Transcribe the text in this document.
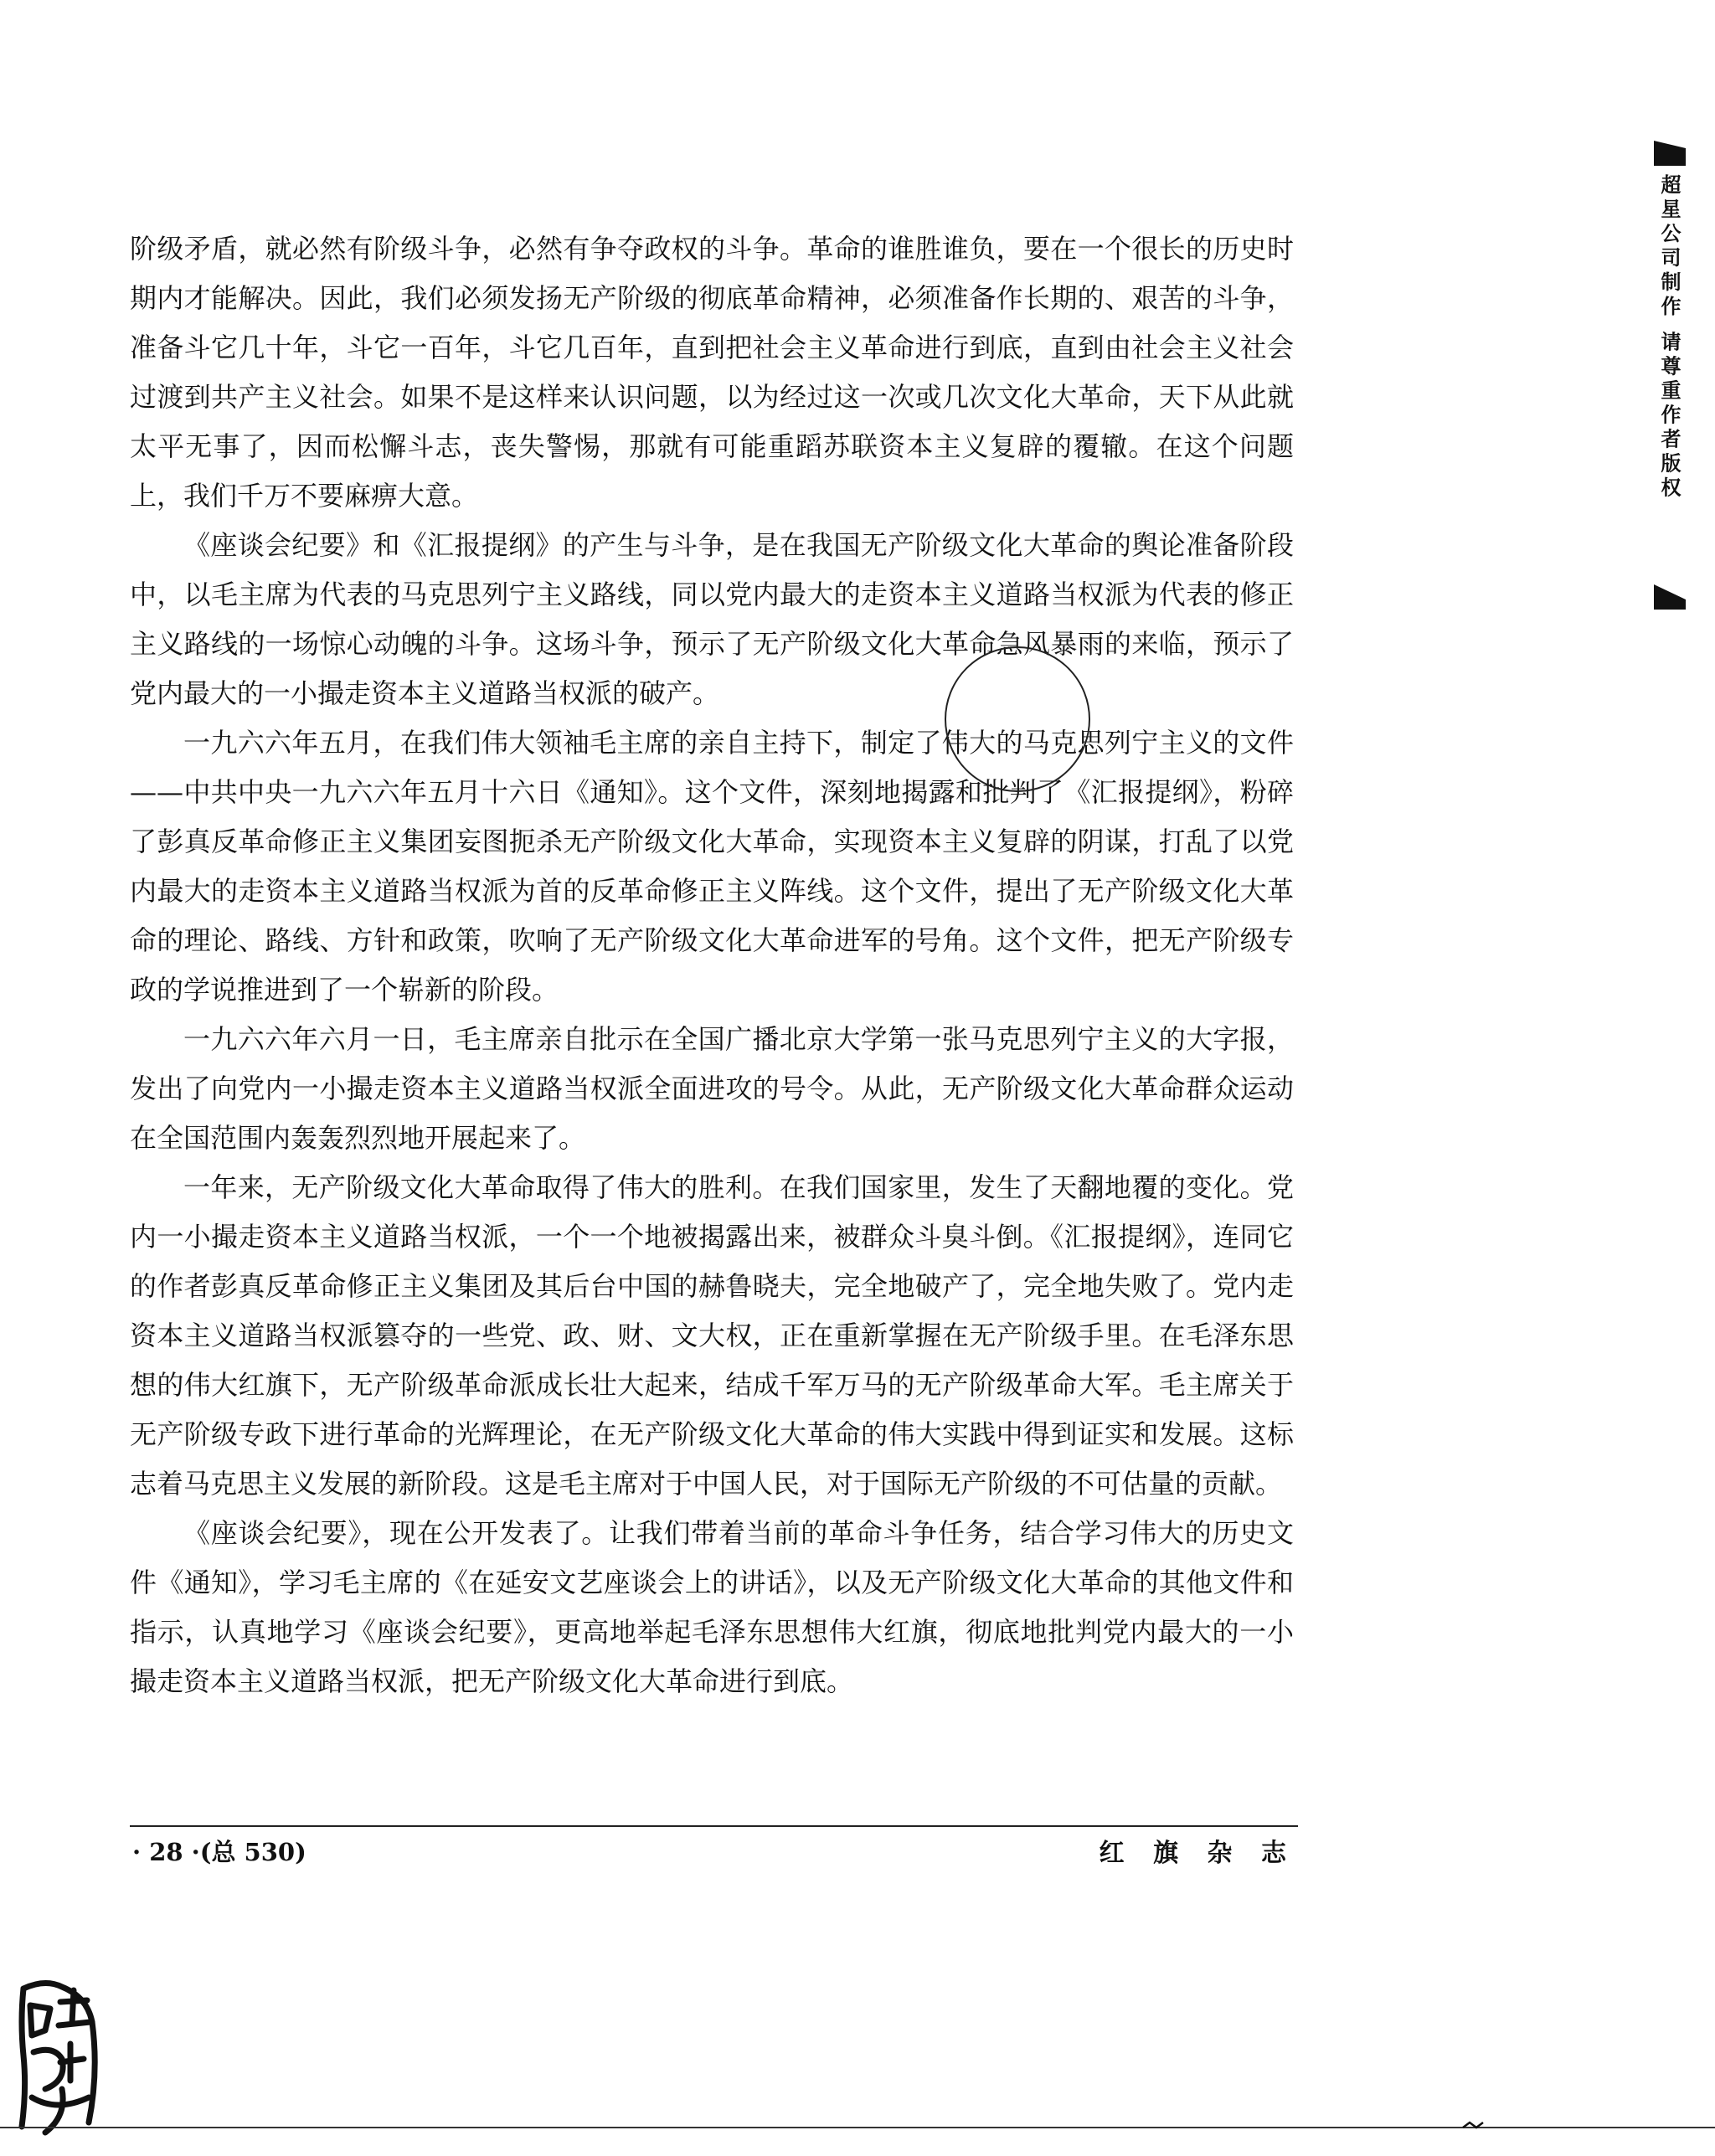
阶级矛盾，就必然有阶级斗争，必然有争夺政权的斗争。革命的谁胜谁负，要在一个很长的历史时期内才能解决。因此，我们必须发扬无产阶级的彻底革命精神，必须准备作长期的、艰苦的斗争，准备斗它几十年，斗它一百年，斗它几百年，直到把社会主义革命进行到底，直到由社会主义社会过渡到共产主义社会。如果不是这样来认识问题，以为经过这一次或几次文化大革命，天下从此就太平无事了，因而松懈斗志，丧失警惕，那就有可能重蹈苏联资本主义复辟的覆辙。在这个问题上，我们千万不要麻痹大意。

《座谈会纪要》和《汇报提纲》的产生与斗争，是在我国无产阶级文化大革命的舆论准备阶段中，以毛主席为代表的马克思列宁主义路线，同以党内最大的走资本主义道路当权派为代表的修正主义路线的一场惊心动魄的斗争。这场斗争，预示了无产阶级文化大革命急风暴雨的来临，预示了党内最大的一小撮走资本主义道路当权派的破产。

一九六六年五月，在我们伟大领袖毛主席的亲自主持下，制定了伟大的马克思列宁主义的文件——中共中央一九六六年五月十六日《通知》。这个文件，深刻地揭露和批判了《汇报提纲》，粉碎了彭真反革命修正主义集团妄图扼杀无产阶级文化大革命，实现资本主义复辟的阴谋，打乱了以党内最大的走资本主义道路当权派为首的反革命修正主义阵线。这个文件，提出了无产阶级文化大革命的理论、路线、方针和政策，吹响了无产阶级文化大革命进军的号角。这个文件，把无产阶级专政的学说推进到了一个崭新的阶段。

一九六六年六月一日，毛主席亲自批示在全国广播北京大学第一张马克思列宁主义的大字报，发出了向党内一小撮走资本主义道路当权派全面进攻的号令。从此，无产阶级文化大革命群众运动在全国范围内轰轰烈烈地开展起来了。

一年来，无产阶级文化大革命取得了伟大的胜利。在我们国家里，发生了天翻地覆的变化。党内一小撮走资本主义道路当权派，一个一个地被揭露出来，被群众斗臭斗倒。《汇报提纲》，连同它的作者彭真反革命修正主义集团及其后台中国的赫鲁晓夫，完全地破产了，完全地失败了。党内走资本主义道路当权派篡夺的一些党、政、财、文大权，正在重新掌握在无产阶级手里。在毛泽东思想的伟大红旗下，无产阶级革命派成长壮大起来，结成千军万马的无产阶级革命大军。毛主席关于无产阶级专政下进行革命的光辉理论，在无产阶级文化大革命的伟大实践中得到证实和发展。这标志着马克思主义发展的新阶段。这是毛主席对于中国人民，对于国际无产阶级的不可估量的贡献。

《座谈会纪要》，现在公开发表了。让我们带着当前的革命斗争任务，结合学习伟大的历史文件《通知》，学习毛主席的《在延安文艺座谈会上的讲话》，以及无产阶级文化大革命的其他文件和指示，认真地学习《座谈会纪要》，更高地举起毛泽东思想伟大红旗，彻底地批判党内最大的一小撮走资本主义道路当权派，把无产阶级文化大革命进行到底。

· 28 ·(总 530)	红 旗 杂 志
超星公司制作 请尊重作者版权
